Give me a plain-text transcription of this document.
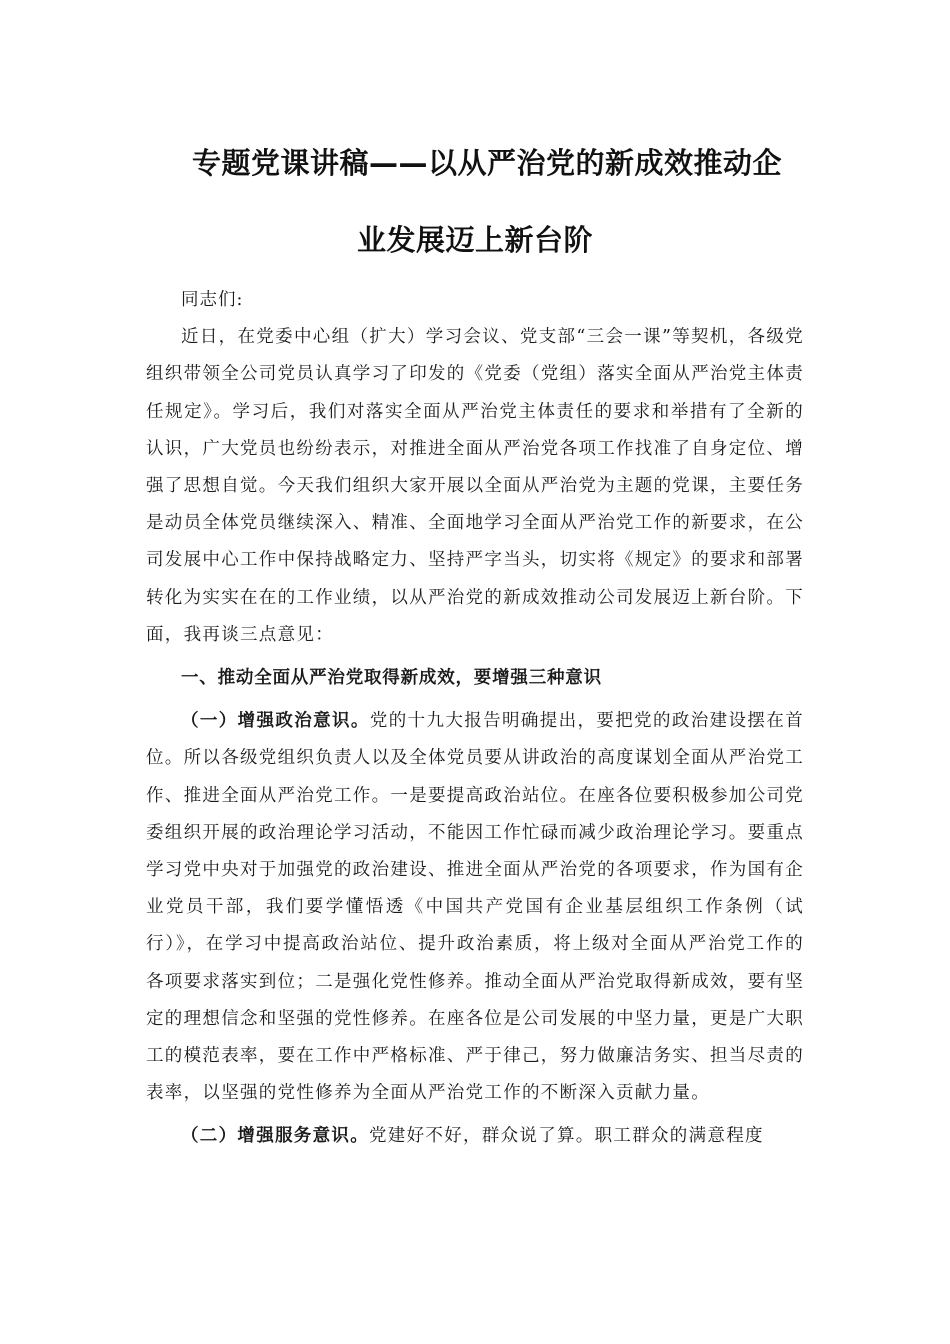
专题党课讲稿——以从严治党的新成效推动企
业发展迈上新台阶

同志们:

近日，在党委中心组（扩大）学习会议、党支部“三会一课”等契机，各级党组织带领全公司党员认真学习了印发的《党委（党组）落实全面从严治党主体责任规定》。学习后，我们对落实全面从严治党主体责任的要求和举措有了全新的认识，广大党员也纷纷表示，对推进全面从严治党各项工作找准了自身定位、增强了思想自觉。今天我们组织大家开展以全面从严治党为主题的党课，主要任务是动员全体党员继续深入、精准、全面地学习全面从严治党工作的新要求，在公司发展中心工作中保持战略定力、坚持严字当头，切实将《规定》的要求和部署转化为实实在在的工作业绩，以从严治党的新成效推动公司发展迈上新台阶。下面，我再谈三点意见：

一、推动全面从严治党取得新成效，要增强三种意识

（一）增强政治意识。党的十九大报告明确提出，要把党的政治建设摆在首位。所以各级党组织负责人以及全体党员要从讲政治的高度谋划全面从严治党工作、推进全面从严治党工作。一是要提高政治站位。在座各位要积极参加公司党委组织开展的政治理论学习活动，不能因工作忙碌而减少政治理论学习。要重点学习党中央对于加强党的政治建设、推进全面从严治党的各项要求，作为国有企业党员干部，我们要学懂悟透《中国共产党国有企业基层组织工作条例（试行）》，在学习中提高政治站位、提升政治素质，将上级对全面从严治党工作的各项要求落实到位；二是强化党性修养。推动全面从严治党取得新成效，要有坚定的理想信念和坚强的党性修养。在座各位是公司发展的中坚力量，更是广大职工的模范表率，要在工作中严格标准、严于律己，努力做廉洁务实、担当尽责的表率，以坚强的党性修养为全面从严治党工作的不断深入贡献力量。

（二）增强服务意识。党建好不好，群众说了算。职工群众的满意程度
